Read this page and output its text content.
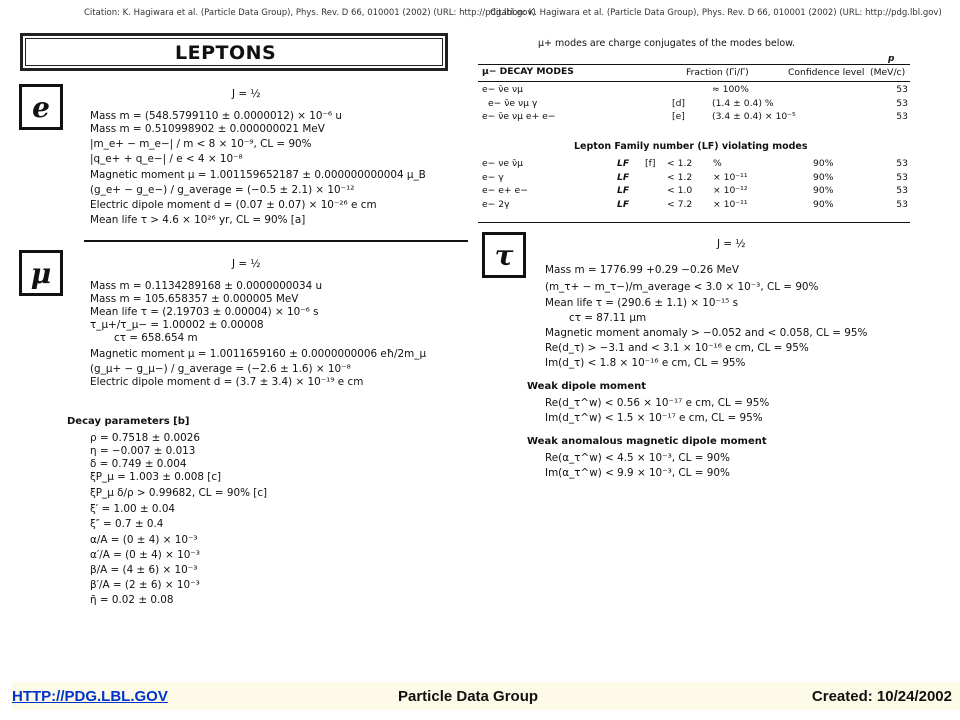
Citation: K. Hagiwara et al. (Particle Data Group), Phys. Rev. D 66, 010001 (2002) (URL: http://pdg.lbl.gov)
Citation: K. Hagiwara et al. (Particle Data Group), Phys. Rev. D 66, 010001 (2002) (URL: http://pdg.lbl.gov)
LEPTONS
e	J = ½
Mass m = (548.5799110 ± 0.0000012) × 10⁻⁶ u
Mass m = 0.510998902 ± 0.000000021 MeV
|m_e+ − m_e−| / m < 8 × 10⁻⁹, CL = 90%
|q_e+ + q_e−| / e < 4 × 10⁻⁸
Magnetic moment μ = 1.001159652187 ± 0.000000000004 μ_B
(g_e+ − g_e−) / g_average = (−0.5 ± 2.1) × 10⁻¹²
Electric dipole moment d = (0.07 ± 0.07) × 10⁻²⁶ e cm
Mean life τ > 4.6 × 10²⁶ yr, CL = 90% [a]
μ	J = ½
Mass m = 0.1134289168 ± 0.0000000034 u
Mass m = 105.658357 ± 0.000005 MeV
Mean life τ = (2.19703 ± 0.00004) × 10⁻⁶ s
τ_μ+/τ_μ− = 1.00002 ± 0.00008
cτ = 658.654 m
Magnetic moment μ = 1.0011659160 ± 0.0000000006 eħ/2m_μ
(g_μ+ − g_μ−) / g_average = (−2.6 ± 1.6) × 10⁻⁸
Electric dipole moment d = (3.7 ± 3.4) × 10⁻¹⁹ e cm
Decay parameters [b]
ρ = 0.7518 ± 0.0026
η = −0.007 ± 0.013
δ = 0.749 ± 0.004
ξP_μ = 1.003 ± 0.008 [c]
ξP_μ δ/ρ > 0.99682, CL = 90% [c]
ξ′ = 1.00 ± 0.04
ξ″ = 0.7 ± 0.4
α/A = (0 ± 4) × 10⁻³
α′/A = (0 ± 4) × 10⁻³
β/A = (4 ± 6) × 10⁻³
β′/A = (2 ± 6) × 10⁻³
η̄ = 0.02 ± 0.08
μ+ modes are charge conjugates of the modes below.
p
μ− DECAY MODES	Fraction (Γi/Γ)	Confidence level (MeV/c)
e− ν̄e νμ			≈ 100%	53
e− ν̄e νμ γ		[d]	(1.4 ± 0.4) %	53
e− ν̄e νμ e+ e−		[e]	(3.4 ± 0.4) × 10⁻⁵	53
Lepton Family number (LF) violating modes
e− νe ν̄μ	LF	[f]	< 1.2	%	90%	53
e− γ	LF		< 1.2	× 10⁻¹¹	90%	53
e− e+ e−	LF		< 1.0	× 10⁻¹²	90%	53
e− 2γ	LF		< 7.2	× 10⁻¹¹	90%	53
τ	J = ½
Mass m = 1776.99 +0.29 −0.26 MeV
(m_τ+ − m_τ−)/m_average < 3.0 × 10⁻³, CL = 90%
Mean life τ = (290.6 ± 1.1) × 10⁻¹⁵ s
cτ = 87.11 μm
Magnetic moment anomaly > −0.052 and < 0.058, CL = 95%
Re(d_τ) > −3.1 and < 3.1 × 10⁻¹⁶ e cm, CL = 95%
Im(d_τ) < 1.8 × 10⁻¹⁶ e cm, CL = 95%
Weak dipole moment
Re(d_τ^w) < 0.56 × 10⁻¹⁷ e cm, CL = 95%
Im(d_τ^w) < 1.5 × 10⁻¹⁷ e cm, CL = 95%
Weak anomalous magnetic dipole moment
Re(α_τ^w) < 4.5 × 10⁻³, CL = 90%
Im(α_τ^w) < 9.9 × 10⁻³, CL = 90%
HTTP://PDG.LBL.GOV	Particle Data Group	Created: 10/24/2002
